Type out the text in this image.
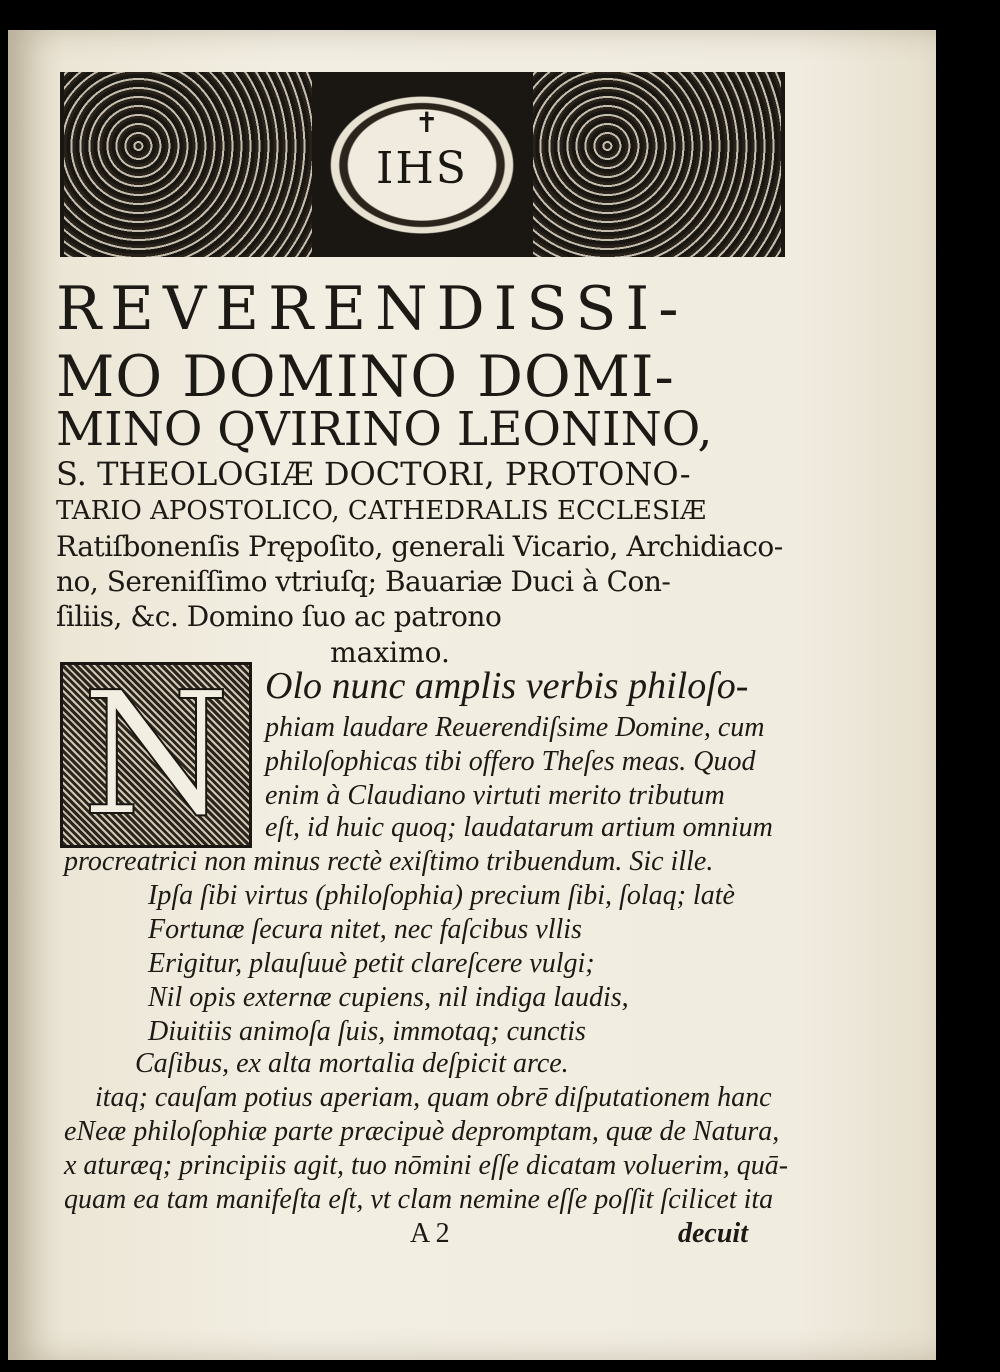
✝
IHS
REVERENDISSI-
MO DOMINO DOMI-
MINO QVIRINO LEONINO,
S. THEOLOGIÆ DOCTORI, PROTONO-
TARIO APOSTOLICO, CATHEDRALIS ECCLESIÆ
Ratiſbonenſis Prępoſito, generali Vicario, Archidiaco-
no, Sereniſſimo vtriuſq; Bauariæ Duci à Con-
ſiliis, &c. Domino ſuo ac patrono
maximo.
N Olo nunc amplis verbis philoſo-
phiam laudare Reuerendiſsime Domine, cum
philoſophicas tibi offero Theſes meas. Quod
enim à Claudiano virtuti merito tributum
eſt, id huic quoq; laudatarum artium omnium
procreatrici non minus rectè exiſtimo tribuendum. Sic ille.
Ipſa ſibi virtus (philoſophia) precium ſibi, ſolaq; latè
Fortunæ ſecura nitet, nec faſcibus vllis
Erigitur, plauſuuè petit clareſcere vulgi;
Nil opis externæ cupiens, nil indiga laudis,
Diuitiis animoſa ſuis, immotaq; cunctis
Caſibus, ex alta mortalia deſpicit arce.
itaq; cauſam potius aperiam, quam obrē diſputationem hanc
eNeæ philoſophiæ parte præcipuè depromptam, quæ de Natura,
x aturæq; principiis agit, tuo nōmini eſſe dicatam voluerim, quā-
quam ea tam manifeſta eſt, vt clam nemine eſſe poſſit ſcilicet ita
A 2	decuit
